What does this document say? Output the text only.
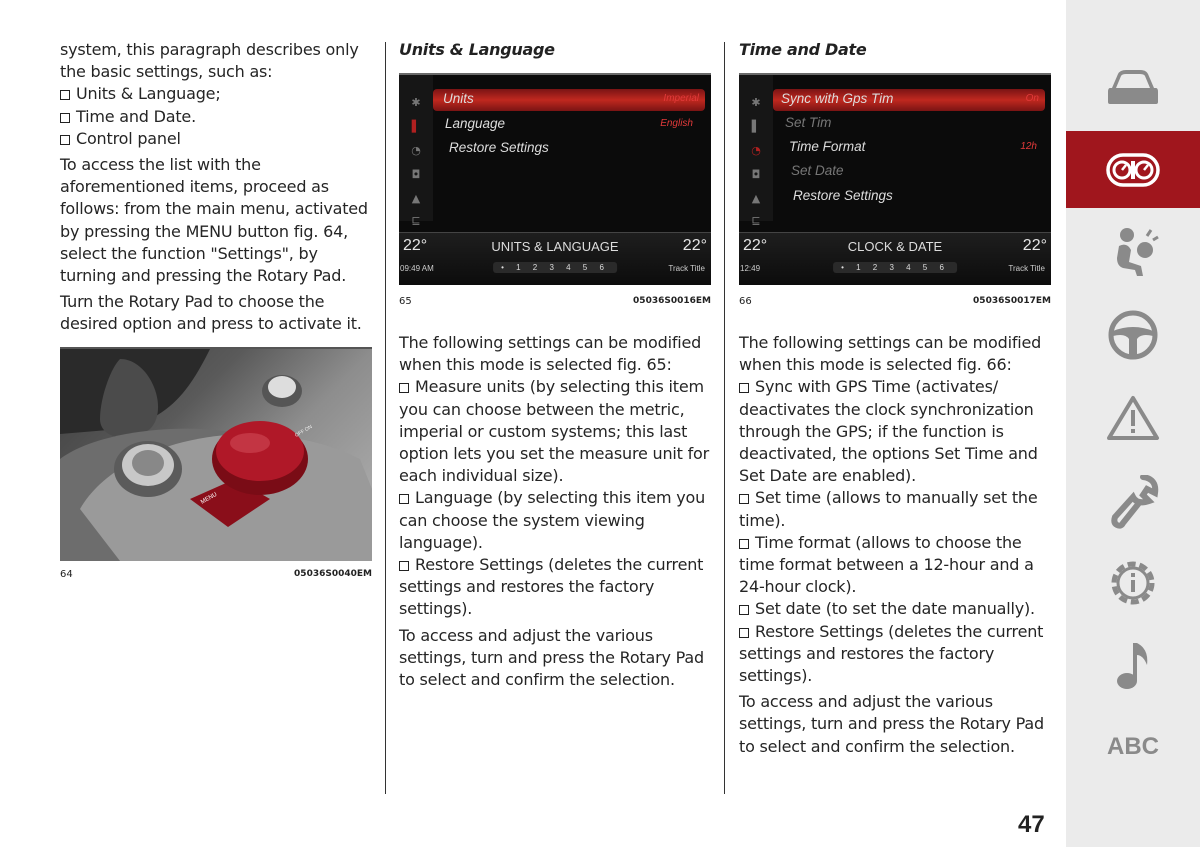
system, this paragraph describes only the basic settings, such as:

Units & Language;
Time and Date.
Control panel

To access the list with the aforementioned items, proceed as follows: from the main menu, activated by pressing the MENU button fig. 64, select the function "Settings", by turning and pressing the Rotary Pad.

Turn the Rotary Pad to choose the desired option and press to activate it.

MENU
OFF ON
64	05036S0040EM
Units & Language
✱
▌
◔
◘
▲
⊑
Units	Imperial
Language	English
Restore Settings
22°	UNITS & LANGUAGE	22°
09:49 AM	• 1 2 3 4 5 6	Track Title
65	05036S0016EM

The following settings can be modified when this mode is selected fig. 65:

Measure units (by selecting this item you can choose between the metric, imperial or custom systems; this last option lets you set the measure unit for each individual size).
Language (by selecting this item you can choose the system viewing language).
Restore Settings (deletes the current settings and restores the factory settings).

To access and adjust the various settings, turn and press the Rotary Pad to select and confirm the selection.

Time and Date
✱
▌
◔
◘
▲
⊑
Sync with Gps Tim	On
Set Tim
Time Format	12h
Set Date
Restore Settings
22°	CLOCK & DATE	22°
12:49	• 1 2 3 4 5 6	Track Title
66	05036S0017EM

The following settings can be modified when this mode is selected fig. 66:

Sync with GPS Time (activates/ deactivates the clock synchronization through the GPS; if the function is deactivated, the options Set Time and Set Date are enabled).
Set time (allows to manually set the time).
Time format (allows to choose the time format between a 12-hour and a 24-hour clock).
Set date (to set the date manually).
Restore Settings (deletes the current settings and restores the factory settings).

To access and adjust the various settings, turn and press the Rotary Pad to select and confirm the selection.	ABC
47
